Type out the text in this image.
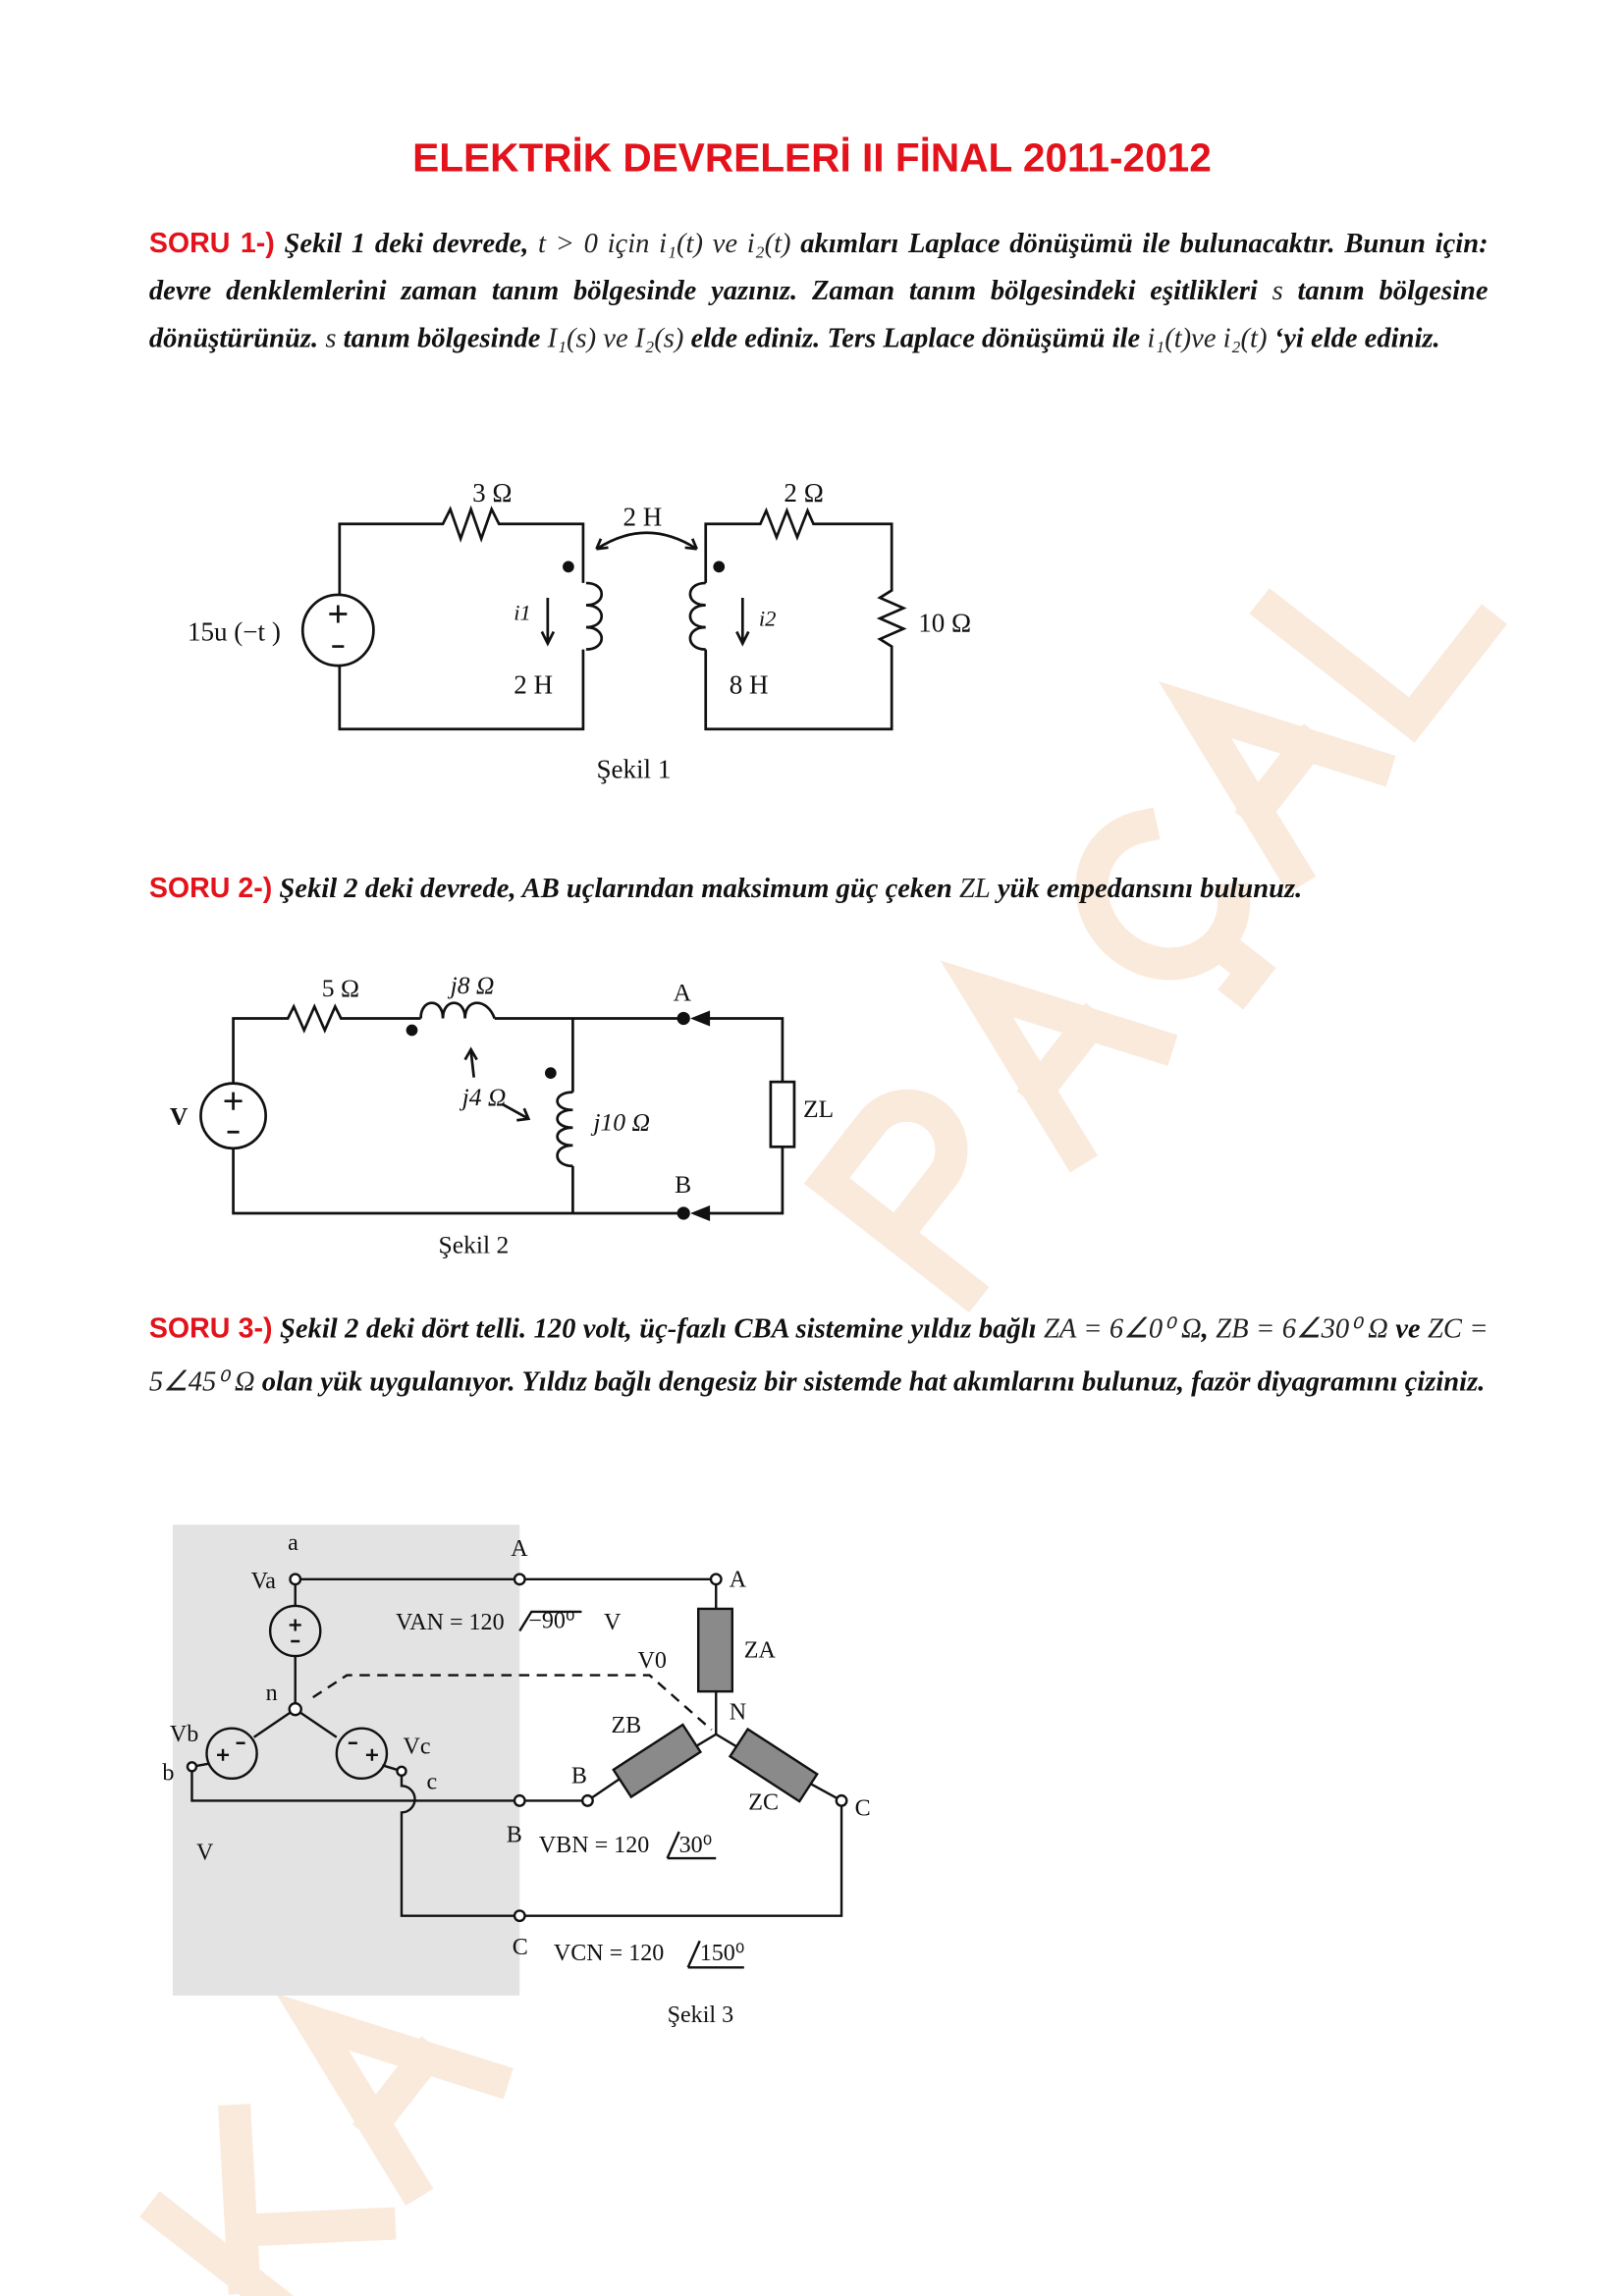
ELEKTRİK DEVRELERİ II FİNAL 2011-2012
SORU 1-) Şekil 1 deki devrede, t > 0 için i₁(t) ve i₂(t) akımları Laplace dönüşümü ile bulunacaktır. Bunun için: devre denklemlerini zaman tanım bölgesinde yazınız. Zaman tanım bölgesindeki eşitlikleri s tanım bölgesine dönüştürünüz. s tanım bölgesinde I₁(s) ve I₂(s) elde ediniz. Ters Laplace dönüşümü ile i₁(t)ve i₂(t) ‘yi elde ediniz.
3 Ω	2 Ω
10 Ω
2 H
2 H	8 H
i1	i2
15u (−t )
Şekil 1
SORU 2-) Şekil 2 deki devrede, AB uçlarından maksimum güç çeken ZL yük empedansını bulunuz.
5 Ω	j8 Ω
j4 Ω
j10 Ω
A
B
ZL
V
Şekil 2
SORU 3-) Şekil 2 deki dört telli. 120 volt, üç-fazlı CBA sistemine yıldız bağlı ZA = 6∠0⁰ Ω, ZB = 6∠30⁰ Ω ve ZC = 5∠45⁰ Ω olan yük uygulanıyor. Yıldız bağlı dengesiz bir sistemde hat akımlarını bulunuz, fazör diyagramını çiziniz.
a
Va
n
Vb
b
Vc
c
V
A
A
B
B
C
C
N
ZA
ZB
ZC
V0
VAN = 120 −90⁰ V
VBN = 120 30⁰
VCN = 120 150⁰
Şekil 3
